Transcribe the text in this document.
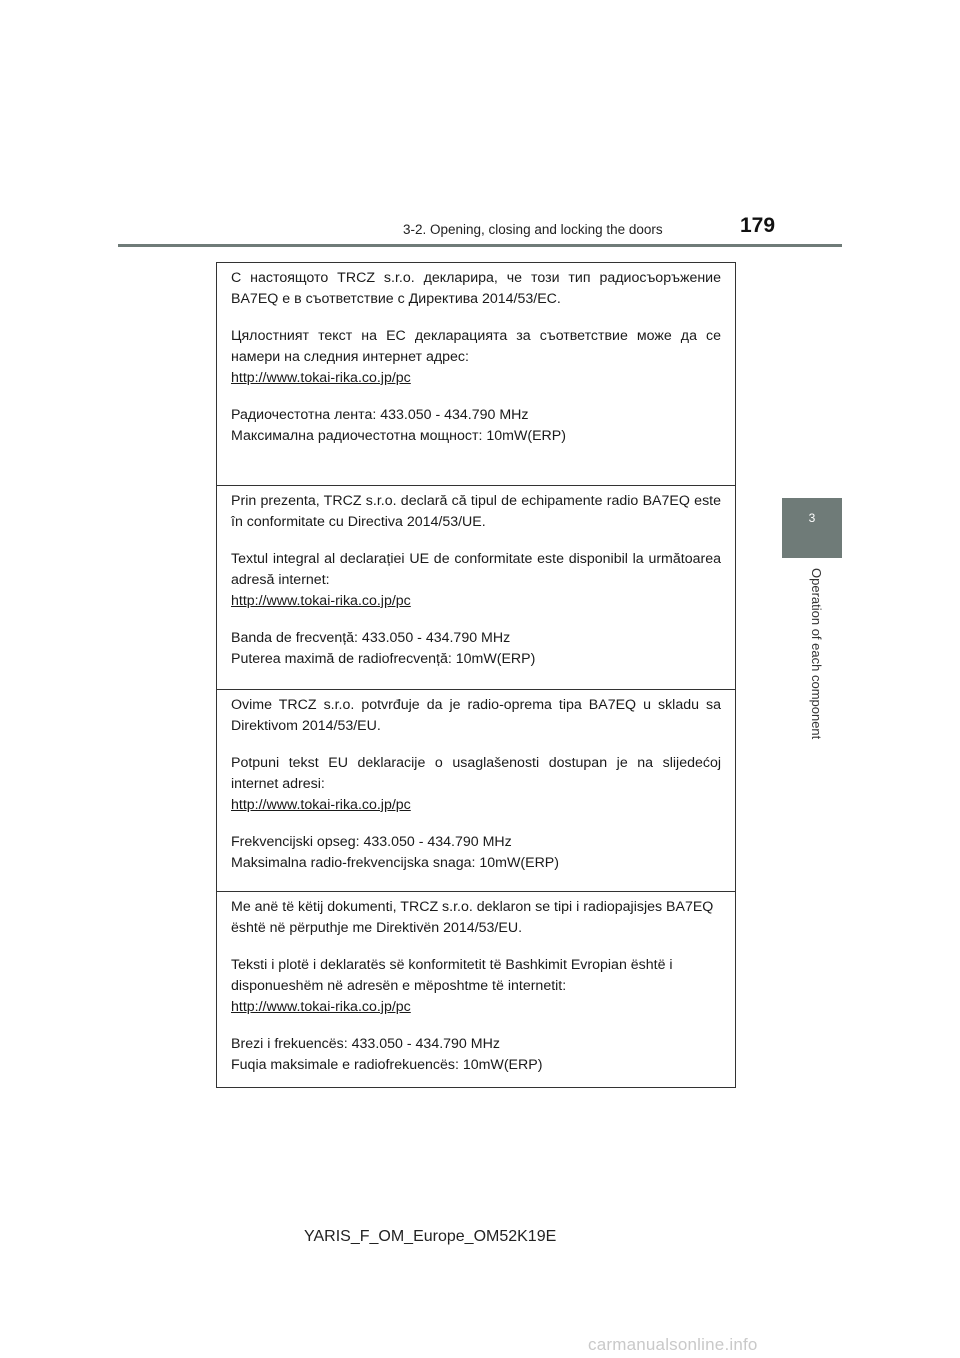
3-2. Opening, closing and locking the doors	179
3
Operation of each component

С настоящото TRCZ s.r.o. декларира, че този тип радиосъоръжение BA7EQ е в съответствие с Директива 2014/53/ЕС.

Цялостният текст на ЕС декларацията за съответствие може да се намери на следния интернет адрес:

http://www.tokai-rika.co.jp/pc

Радиочестотна лента: 433.050 - 434.790 MHz

Максимална радиочестотна мощност: 10mW(ERP)

Prin prezenta, TRCZ s.r.o. declară că tipul de echipamente radio BA7EQ este în conformitate cu Directiva 2014/53/UE.

Textul integral al declarației UE de conformitate este disponibil la următoarea adresă internet:

http://www.tokai-rika.co.jp/pc

Banda de frecvență: 433.050 - 434.790 MHz

Puterea maximă de radiofrecvență: 10mW(ERP)

Ovime TRCZ s.r.o. potvrđuje da je radio-oprema tipa BA7EQ u skladu sa Direktivom 2014/53/EU.

Potpuni tekst EU deklaracije o usaglašenosti dostupan je na slijedećoj internet adresi:

http://www.tokai-rika.co.jp/pc

Frekvencijski opseg: 433.050 - 434.790 MHz

Maksimalna radio-frekvencijska snaga: 10mW(ERP)

Me anë të këtij dokumenti, TRCZ s.r.o. deklaron se tipi i radiopajisjes BA7EQ është në përputhje me Direktivën 2014/53/EU.

Teksti i plotë i deklaratës së konformitetit të Bashkimit Evropian është i disponueshëm në adresën e mëposhtme të internetit:

http://www.tokai-rika.co.jp/pc

Brezi i frekuencës: 433.050 - 434.790 MHz

Fuqia maksimale e radiofrekuencës: 10mW(ERP)

YARIS_F_OM_Europe_OM52K19E
carmanualsonline.info
